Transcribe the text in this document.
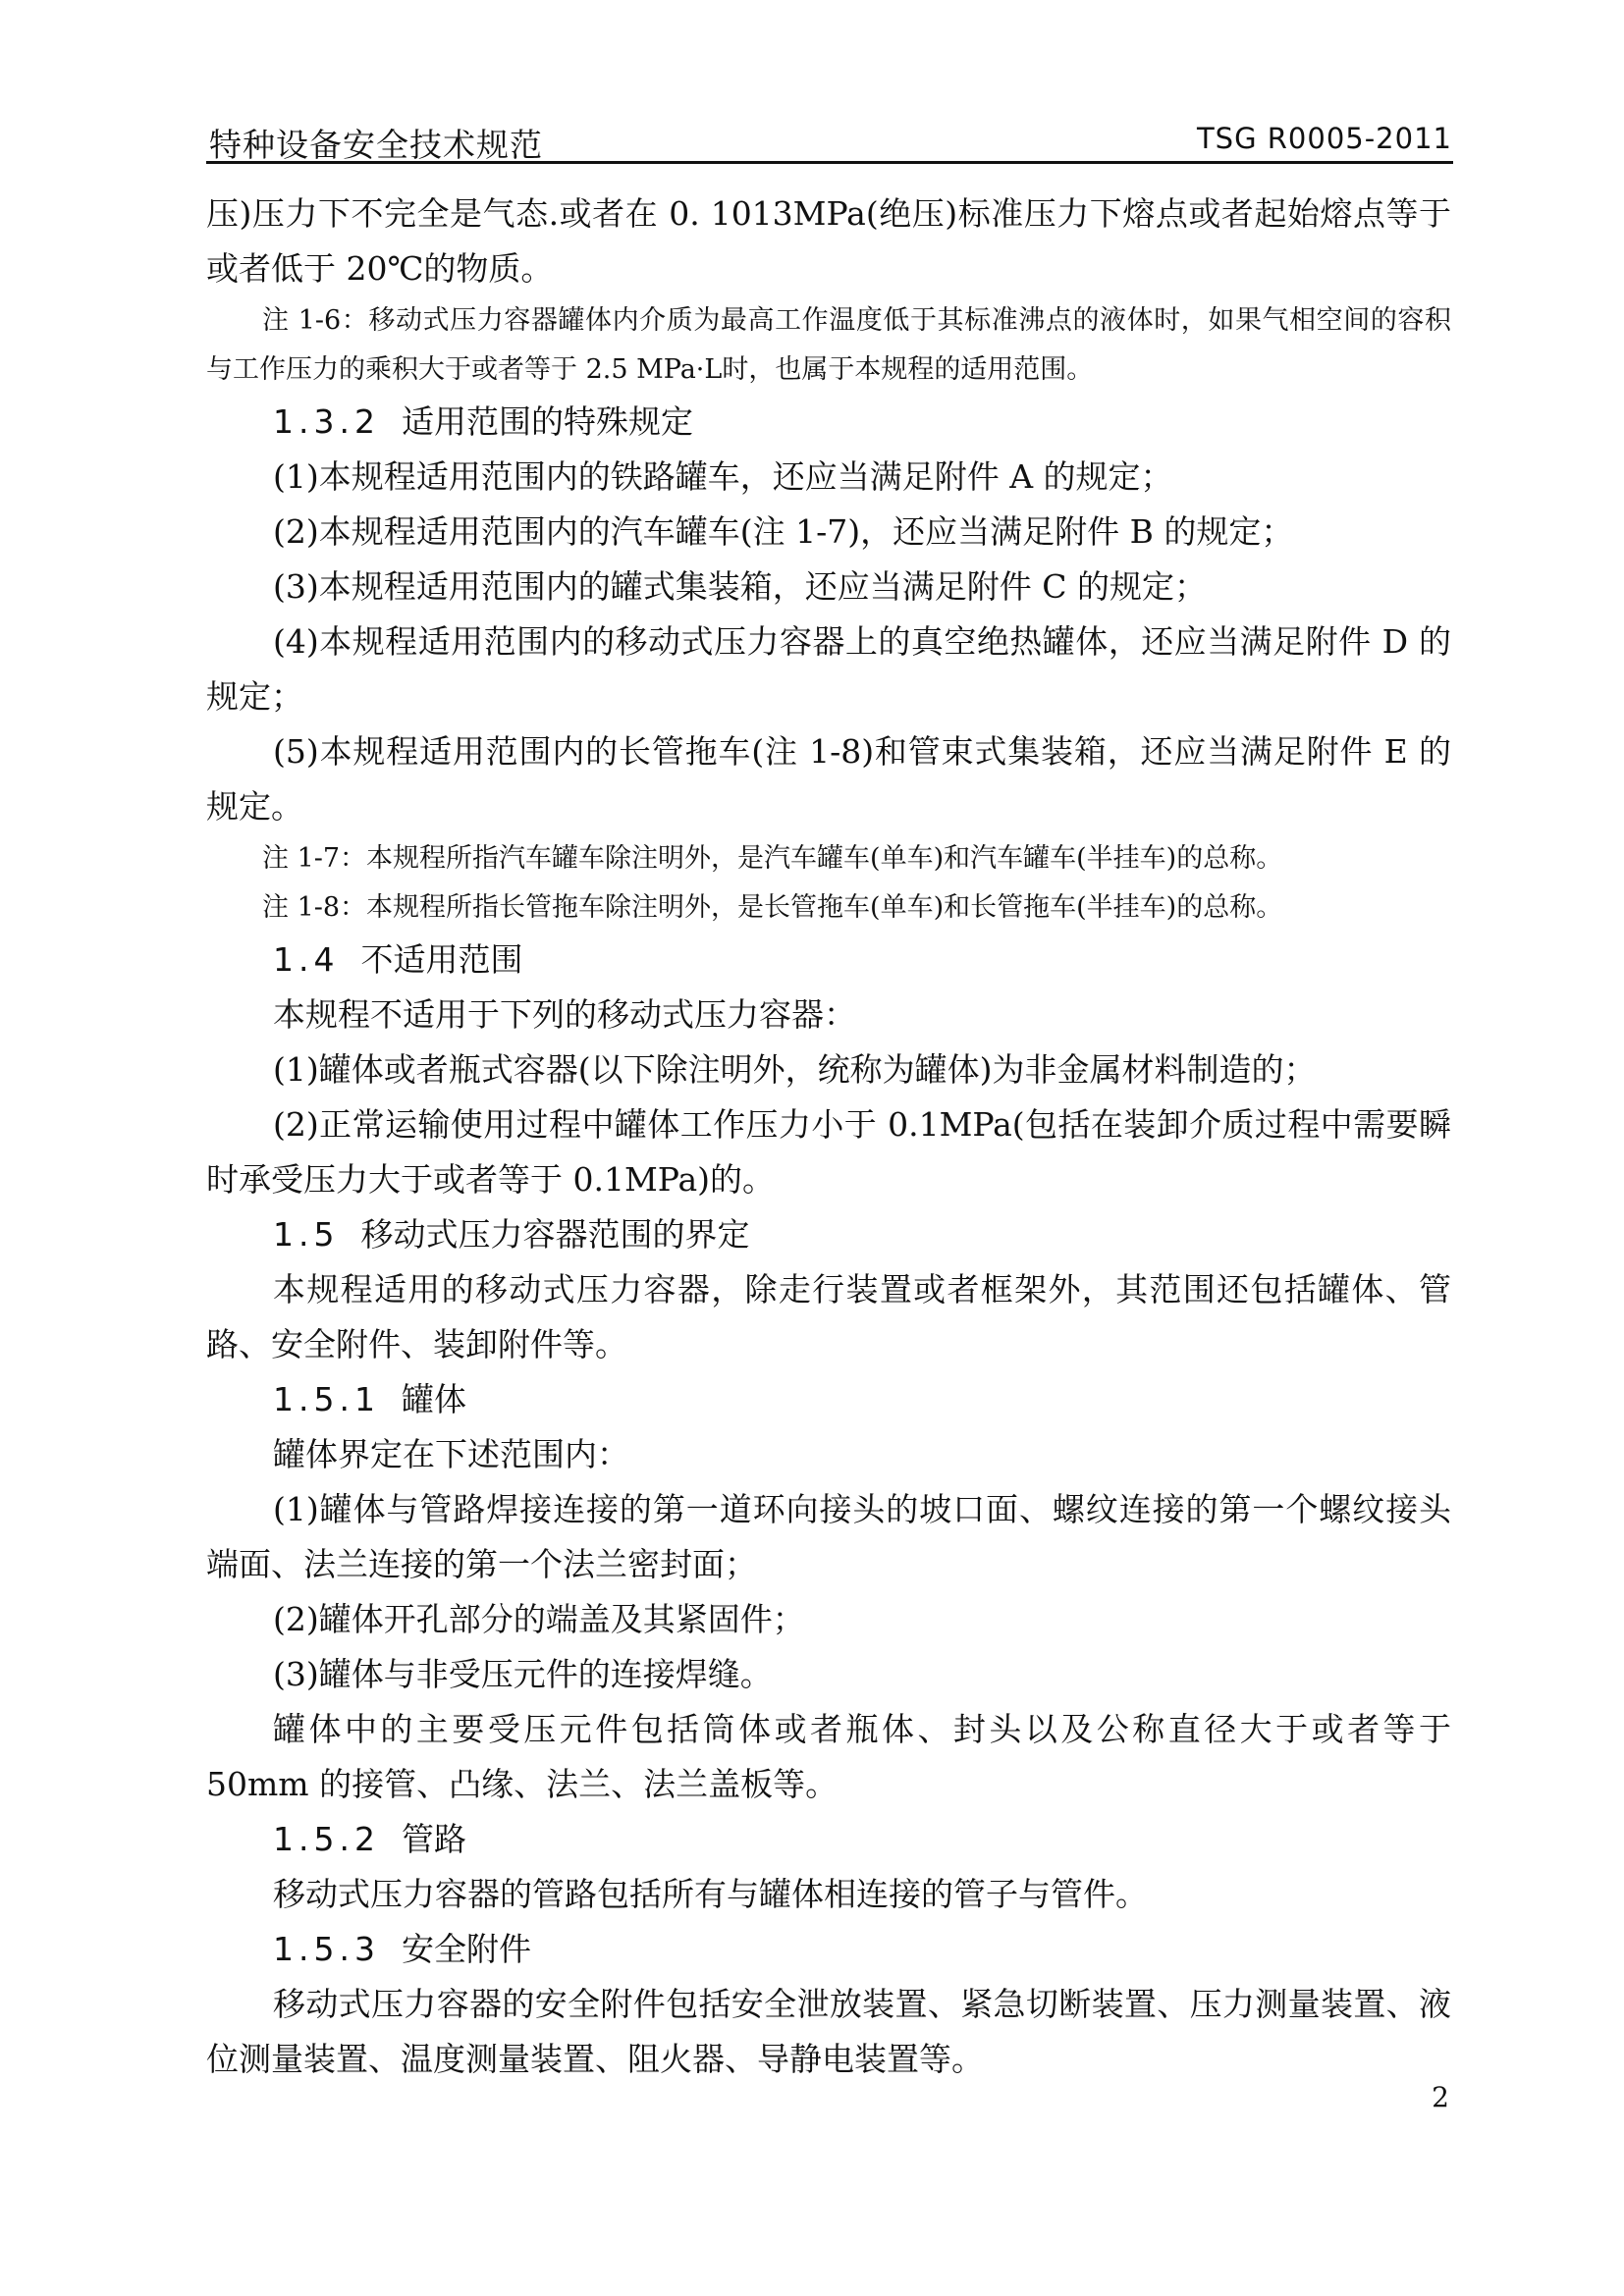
特种设备安全技术规范	TSG R0005-2011

压)压力下不完全是气态.或者在 0. 1013MPa(绝压)标准压力下熔点或者起始熔点等于或者低于 20℃的物质。

注 1-6：移动式压力容器罐体内介质为最高工作温度低于其标准沸点的液体时，如果气相空间的容积与工作压力的乘积大于或者等于 2.5 MPa·L时，也属于本规程的适用范围。

1.3.2 适用范围的特殊规定

(1)本规程适用范围内的铁路罐车，还应当满足附件 A 的规定；

(2)本规程适用范围内的汽车罐车(注 1-7)，还应当满足附件 B 的规定；

(3)本规程适用范围内的罐式集装箱，还应当满足附件 C 的规定；

(4)本规程适用范围内的移动式压力容器上的真空绝热罐体，还应当满足附件 D 的规定；

(5)本规程适用范围内的长管拖车(注 1-8)和管束式集装箱，还应当满足附件 E 的规定。

注 1-7：本规程所指汽车罐车除注明外，是汽车罐车(单车)和汽车罐车(半挂车)的总称。

注 1-8：本规程所指长管拖车除注明外，是长管拖车(单车)和长管拖车(半挂车)的总称。

1.4 不适用范围

本规程不适用于下列的移动式压力容器：

(1)罐体或者瓶式容器(以下除注明外，统称为罐体)为非金属材料制造的；

(2)正常运输使用过程中罐体工作压力小于 0.1MPa(包括在装卸介质过程中需要瞬时承受压力大于或者等于 0.1MPa)的。

1.5 移动式压力容器范围的界定

本规程适用的移动式压力容器，除走行装置或者框架外，其范围还包括罐体、管路、安全附件、装卸附件等。

1.5.1 罐体

罐体界定在下述范围内：

(1)罐体与管路焊接连接的第一道环向接头的坡口面、螺纹连接的第一个螺纹接头端面、法兰连接的第一个法兰密封面；

(2)罐体开孔部分的端盖及其紧固件；

(3)罐体与非受压元件的连接焊缝。

罐体中的主要受压元件包括筒体或者瓶体、封头以及公称直径大于或者等于 50mm 的接管、凸缘、法兰、法兰盖板等。

1.5.2 管路

移动式压力容器的管路包括所有与罐体相连接的管子与管件。

1.5.3 安全附件

移动式压力容器的安全附件包括安全泄放装置、紧急切断装置、压力测量装置、液位测量装置、温度测量装置、阻火器、导静电装置等。

2
